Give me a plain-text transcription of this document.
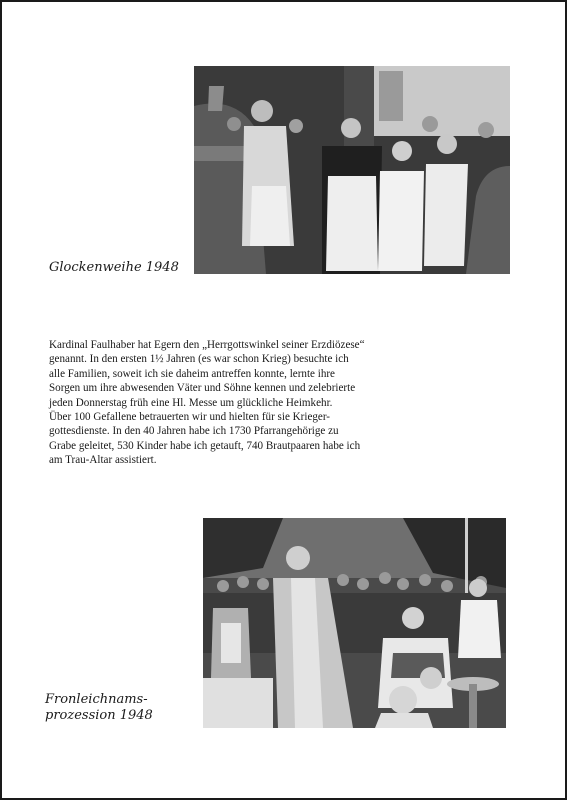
Glockenweihe 1948
Kardinal Faulhaber hat Egern den „Herrgottswinkel seiner Erzdiözese“
genannt. In den ersten 1½ Jahren (es war schon Krieg) besuchte ich
alle Familien, soweit ich sie daheim antreffen konnte, lernte ihre
Sorgen um ihre abwesenden Väter und Söhne kennen und zelebrierte
jeden Donnerstag früh eine Hl. Messe um glückliche Heimkehr.
Über 100 Gefallene betrauerten wir und hielten für sie Krieger-
gottesdienste. In den 40 Jahren habe ich 1730 Pfarrangehörige zu
Grabe geleitet, 530 Kinder habe ich getauft, 740 Brautpaaren habe ich
am Trau-Altar assistiert.
Fronleichnams-
prozession 1948
